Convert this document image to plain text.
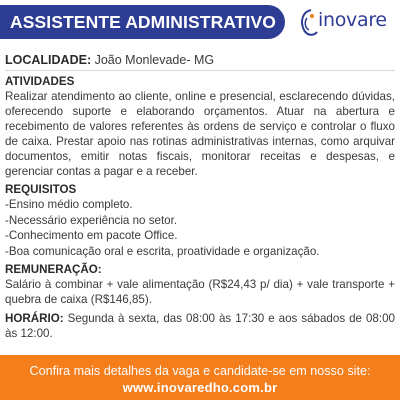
ASSISTENTE ADMINISTRATIVO inovare
LOCALIDADE: João Monlevade- MG
ATIVIDADES
Realizar atendimento ao cliente, online e presencial, esclarecendo dúvidas, oferecendo suporte e elaborando orçamentos. Atuar na abertura e recebimento de valores referentes às ordens de serviço e controlar o fluxo de caixa. Prestar apoio nas rotinas administrativas internas, como arquivar documentos, emitir notas fiscais, monitorar receitas e despesas, e gerenciar contas a pagar e a receber.
REQUISITOS
-Ensino médio completo.
-Necessário experiência no setor.
-Conhecimento em pacote Office.
-Boa comunicação oral e escrita, proatividade e organização.
REMUNERAÇÃO:
Salário à combinar + vale alimentação (R$24,43 p/ dia) + vale transporte + quebra de caixa (R$146,85).
HORÁRIO: Segunda à sexta, das 08:00 às 17:30 e aos sábados de 08:00 às 12:00.
Confira mais detalhes da vaga e candidate-se em nosso site:
www.inovaredho.com.br
